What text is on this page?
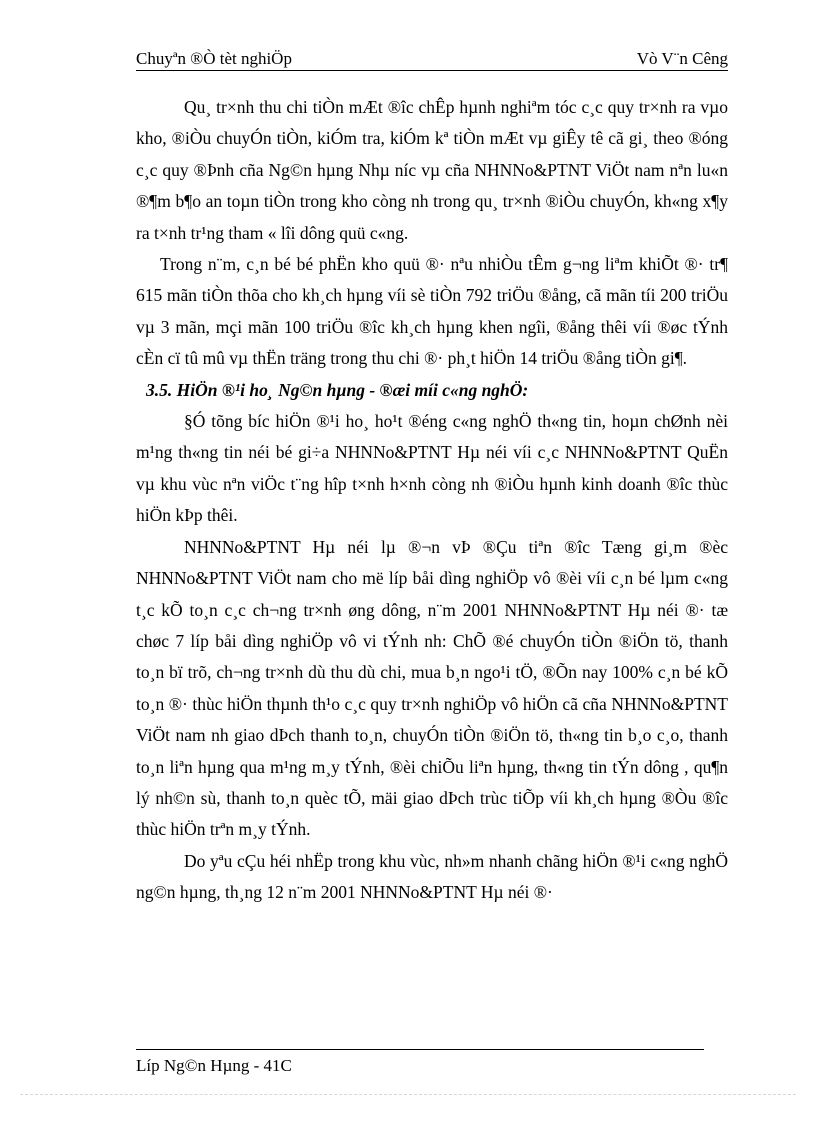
Chuyªn ®Ò tèt nghiÖp	Vò V¨n Cêng

Qu¸ tr×nh thu chi tiÒn mÆt ®îc chÊp hµnh nghiªm tóc c¸c quy tr×nh ra vµo kho, ®iÒu chuyÓn tiÒn, kiÓm tra, kiÓm kª tiÒn mÆt vµ giÊy tê cã gi¸ theo ®óng c¸c quy ®Þnh cña Ng©n hµng Nhµ níc vµ cña NHNNo&PTNT ViÖt nam nªn lu«n ®¶m b¶o an toµn tiÒn trong kho còng nh trong qu¸ tr×nh ®iÒu chuyÓn, kh«ng x¶y ra t×nh tr¹ng tham « lîi dông quü c«ng.

Trong n¨m, c¸n bé bé phËn kho quü ®· nªu nhiÒu tÊm g¬ng liªm khiÕt ®· tr¶ 615 mãn tiÒn thõa cho kh¸ch hµng víi sè tiÒn 792 triÖu ®ång, cã mãn tíi 200 triÖu vµ 3 mãn, mçi mãn 100 triÖu ®îc kh¸ch hµng khen ngîi, ®ång thêi víi ®øc tÝnh cÈn cï tû mû vµ thËn träng trong thu chi ®· ph¸t hiÖn 14 triÖu ®ång tiÒn gi¶.

3.5. HiÖn ®¹i ho¸ Ng©n hµng - ®æi míi c«ng nghÖ:

§Ó tõng bíc hiÖn ®¹i ho¸ ho¹t ®éng c«ng nghÖ th«ng tin, hoµn chØnh nèi m¹ng th«ng tin néi bé gi÷a NHNNo&PTNT Hµ néi víi c¸c NHNNo&PTNT QuËn vµ khu vùc nªn viÖc t¨ng hîp t×nh h×nh còng nh ®iÒu hµnh kinh doanh ®îc thùc hiÖn kÞp thêi.

NHNNo&PTNT Hµ néi lµ ®¬n vÞ ®Çu tiªn ®îc Tæng gi¸m ®èc NHNNo&PTNT ViÖt nam cho më líp båi dìng nghiÖp vô ®èi víi c¸n bé lµm c«ng t¸c kÕ to¸n c¸c ch¬ng tr×nh øng dông, n¨m 2001 NHNNo&PTNT Hµ néi ®· tæ chøc 7 líp båi dìng nghiÖp vô vi tÝnh nh: ChÕ ®é chuyÓn tiÒn ®iÖn tö, thanh to¸n bï trõ, ch¬ng tr×nh dù thu dù chi, mua b¸n ngo¹i tÖ, ®Õn nay 100% c¸n bé kÕ to¸n ®· thùc hiÖn thµnh th¹o c¸c quy tr×nh nghiÖp vô hiÖn cã cña NHNNo&PTNT ViÖt nam nh giao dÞch thanh to¸n, chuyÓn tiÒn ®iÖn tö, th«ng tin b¸o c¸o, thanh to¸n liªn hµng qua m¹ng m¸y tÝnh, ®èi chiÕu liªn hµng, th«ng tin tÝn dông , qu¶n lý nh©n sù, thanh to¸n quèc tÕ, mäi giao dÞch trùc tiÕp víi kh¸ch hµng ®Òu ®îc thùc hiÖn trªn m¸y tÝnh.

Do yªu cÇu héi nhËp trong khu vùc, nh»m nhanh chãng hiÖn ®¹i c«ng nghÖ ng©n hµng, th¸ng 12 n¨m 2001 NHNNo&PTNT Hµ néi ®·

Líp Ng©n Hµng - 41C
